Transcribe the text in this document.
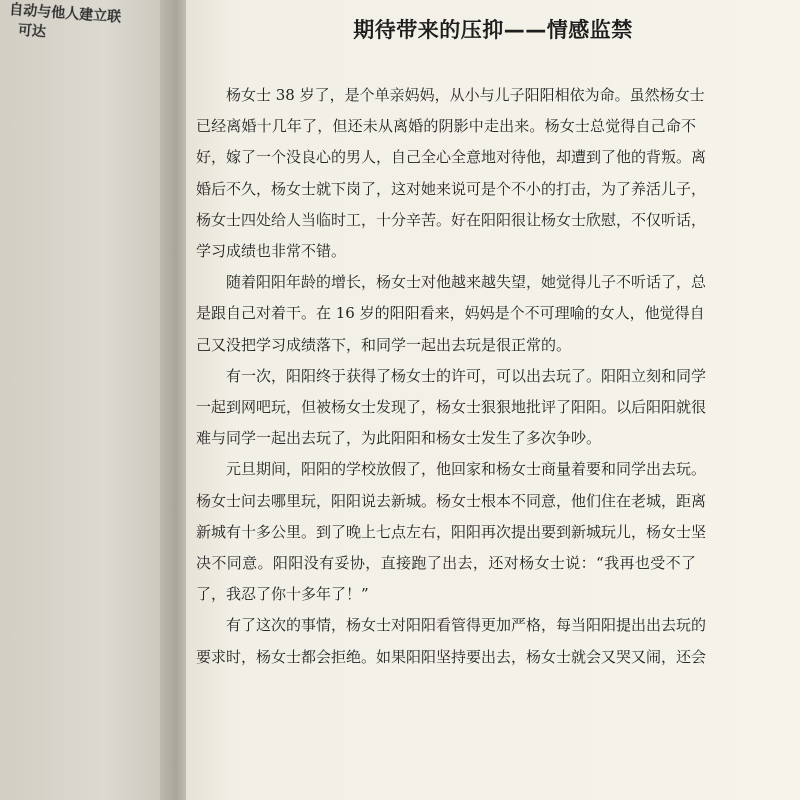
自动与他人建立联
可达	期待带来的压抑——情感监禁
杨女士 38 岁了，是个单亲妈妈，从小与儿子阳阳相依为命。虽然杨女士
已经离婚十几年了，但还未从离婚的阴影中走出来。杨女士总觉得自己命不
好，嫁了一个没良心的男人，自己全心全意地对待他，却遭到了他的背叛。离
婚后不久，杨女士就下岗了，这对她来说可是个不小的打击，为了养活儿子，
杨女士四处给人当临时工，十分辛苦。好在阳阳很让杨女士欣慰，不仅听话，
学习成绩也非常不错。
随着阳阳年龄的增长，杨女士对他越来越失望，她觉得儿子不听话了，总
是跟自己对着干。在 16 岁的阳阳看来，妈妈是个不可理喻的女人，他觉得自
己又没把学习成绩落下，和同学一起出去玩是很正常的。
有一次，阳阳终于获得了杨女士的许可，可以出去玩了。阳阳立刻和同学
一起到网吧玩，但被杨女士发现了，杨女士狠狠地批评了阳阳。以后阳阳就很
难与同学一起出去玩了，为此阳阳和杨女士发生了多次争吵。
元旦期间，阳阳的学校放假了，他回家和杨女士商量着要和同学出去玩。
杨女士问去哪里玩，阳阳说去新城。杨女士根本不同意，他们住在老城，距离
新城有十多公里。到了晚上七点左右，阳阳再次提出要到新城玩儿，杨女士坚
决不同意。阳阳没有妥协，直接跑了出去，还对杨女士说：“我再也受不了
了，我忍了你十多年了！”
有了这次的事情，杨女士对阳阳看管得更加严格，每当阳阳提出出去玩的
要求时，杨女士都会拒绝。如果阳阳坚持要出去，杨女士就会又哭又闹，还会
